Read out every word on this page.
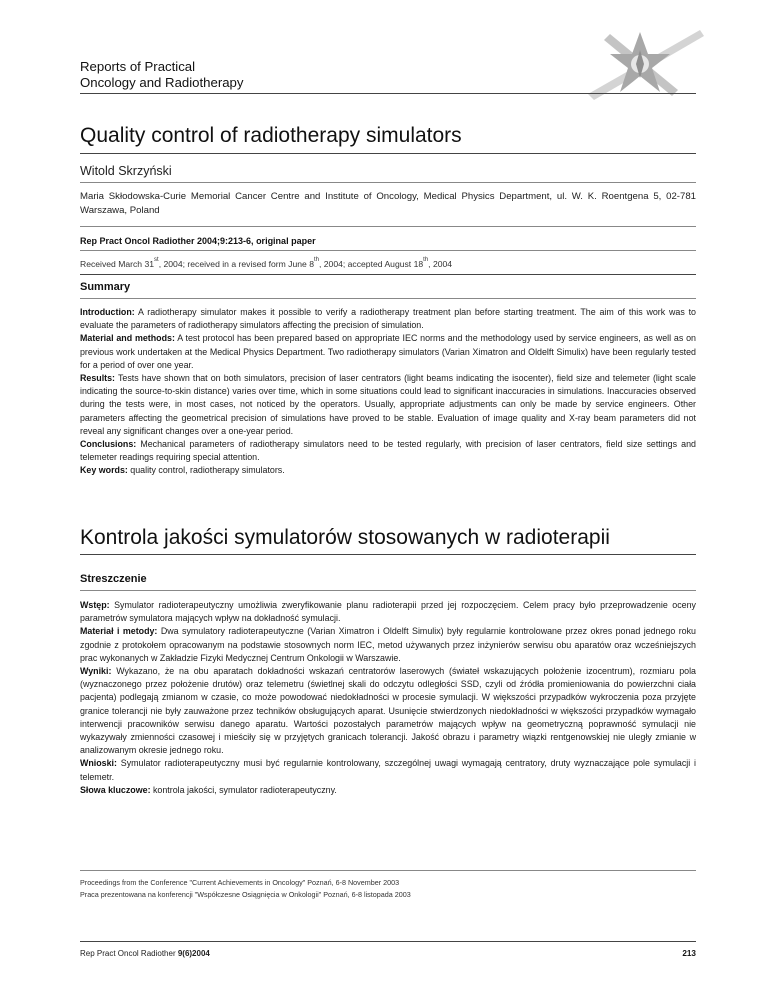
Reports of Practical
Oncology and Radiotherapy
Quality control of radiotherapy simulators
Witold Skrzyński
Maria Skłodowska-Curie Memorial Cancer Centre and Institute of Oncology, Medical Physics Department, ul. W. K. Roentgena 5, 02-781 Warszawa, Poland
Rep Pract Oncol Radiother 2004;9:213-6, original paper
Received March 31st, 2004; received in a revised form June 8th, 2004; accepted August 18th, 2004
Summary

Introduction: A radiotherapy simulator makes it possible to verify a radiotherapy treatment plan before starting treatment. The aim of this work was to evaluate the parameters of radiotherapy simulators affecting the precision of simulation.

Material and methods: A test protocol has been prepared based on appropriate IEC norms and the methodology used by service engineers, as well as on previous work undertaken at the Medical Physics Department. Two radiotherapy simulators (Varian Ximatron and Oldelft Simulix) have been regularly tested for a period of over one year.

Results: Tests have shown that on both simulators, precision of laser centrators (light beams indicating the isocenter), field size and telemeter (light scale indicating the source-to-skin distance) varies over time, which in some situations could lead to significant inaccuracies in simulations. Inaccuracies observed during the tests were, in most cases, not noticed by the operators. Usually, appropriate adjustments can only be made by service engineers. Other parameters affecting the geometrical precision of simulations have proved to be stable. Evaluation of image quality and X-ray beam parameters did not reveal any significant changes over a one-year period.

Conclusions: Mechanical parameters of radiotherapy simulators need to be tested regularly, with precision of laser centrators, field size settings and telemeter readings requiring special attention.

Key words: quality control, radiotherapy simulators.

Kontrola jakości symulatorów stosowanych w radioterapii
Streszczenie

Wstęp: Symulator radioterapeutyczny umożliwia zweryfikowanie planu radioterapii przed jej rozpoczęciem. Celem pracy było przeprowadzenie oceny parametrów symulatora mających wpływ na dokładność symulacji.

Materiał i metody: Dwa symulatory radioterapeutyczne (Varian Ximatron i Oldelft Simulix) były regularnie kontrolowane przez okres ponad jednego roku zgodnie z protokołem opracowanym na podstawie stosownych norm IEC, metod używanych przez inżynierów serwisu obu aparatów oraz wcześniejszych prac wykonanych w Zakładzie Fizyki Medycznej Centrum Onkologii w Warszawie.

Wyniki: Wykazano, że na obu aparatach dokładności wskazań centratorów laserowych (świateł wskazujących położenie izocentrum), rozmiaru pola (wyznaczonego przez położenie drutów) oraz telemetru (świetlnej skali do odczytu odległości SSD, czyli od źródła promieniowania do powierzchni ciała pacjenta) podlegają zmianom w czasie, co może powodować niedokładności w procesie symulacji. W większości przypadków wykroczenia poza przyjęte granice tolerancji nie były zauważone przez techników obsługujących aparat. Usunięcie stwierdzonych niedokładności w większości przypadków wymagało interwencji pracowników serwisu danego aparatu. Wartości pozostałych parametrów mających wpływ na geometryczną poprawność symulacji nie wykazywały zmienności czasowej i mieściły się w przyjętych granicach tolerancji. Jakość obrazu i parametry wiązki rentgenowskiej nie uległy zmianie w analizowanym okresie jednego roku.

Wnioski: Symulator radioterapeutyczny musi być regularnie kontrolowany, szczególnej uwagi wymagają centratory, druty wyznaczające pole symulacji i telemetr.

Słowa kluczowe: kontrola jakości, symulator radioterapeutyczny.

Proceedings from the Conference "Current Achievements in Oncology" Poznań, 6-8 November 2003
Praca prezentowana na konferencji "Współczesne Osiągnięcia w Onkologii" Poznań, 6-8 listopada 2003
Rep Pract Oncol Radiother 9(6)2004	213
